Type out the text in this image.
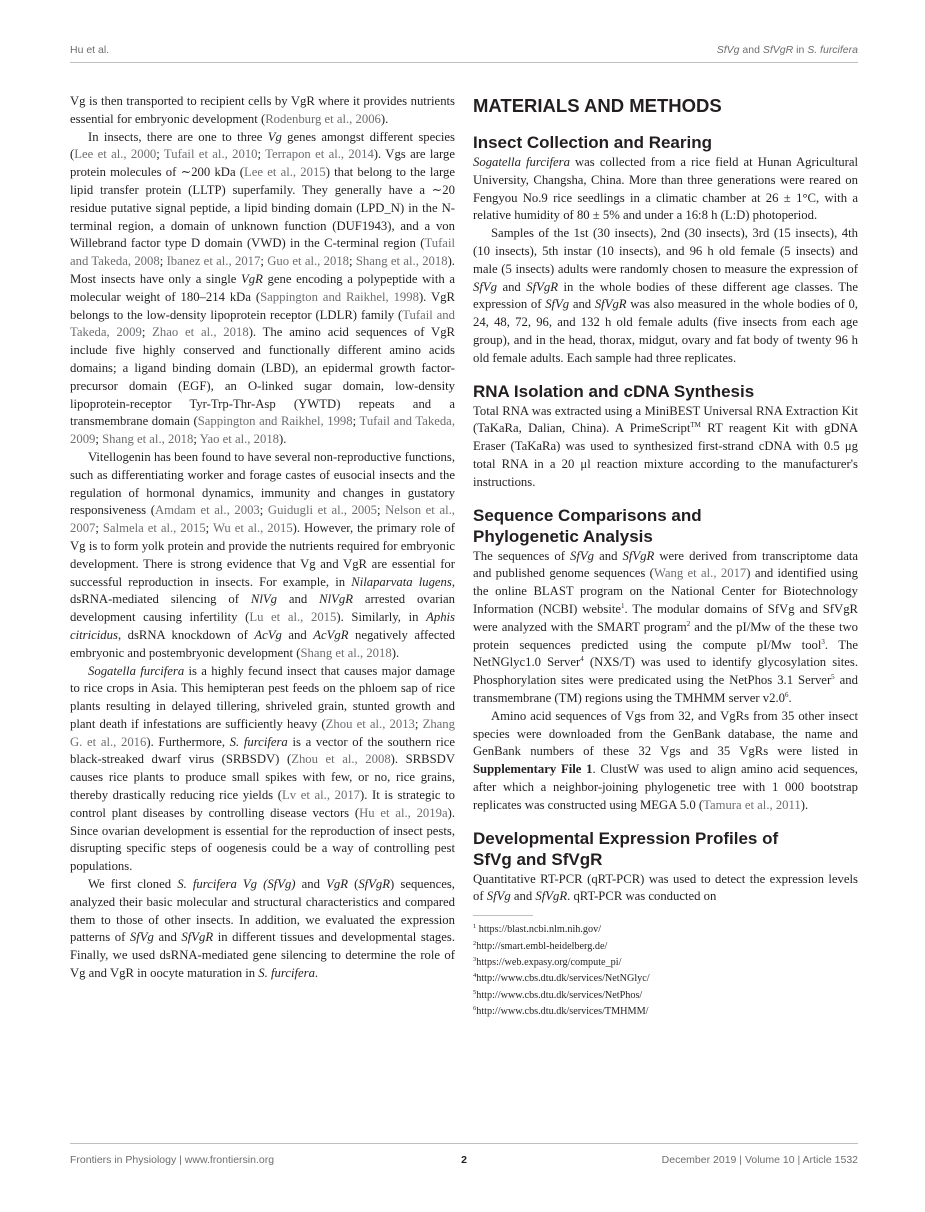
Hu et al.	SfVg and SfVgR in S. furcifera

Vg is then transported to recipient cells by VgR where it provides nutrients essential for embryonic development (Rodenburg et al., 2006).

In insects, there are one to three Vg genes amongst different species (Lee et al., 2000; Tufail et al., 2010; Terrapon et al., 2014). Vgs are large protein molecules of ∼200 kDa (Lee et al., 2015) that belong to the large lipid transfer protein (LLTP) superfamily. They generally have a ∼20 residue putative signal peptide, a lipid binding domain (LPD_N) in the N-terminal region, a domain of unknown function (DUF1943), and a von Willebrand factor type D domain (VWD) in the C-terminal region (Tufail and Takeda, 2008; Ibanez et al., 2017; Guo et al., 2018; Shang et al., 2018). Most insects have only a single VgR gene encoding a polypeptide with a molecular weight of 180–214 kDa (Sappington and Raikhel, 1998). VgR belongs to the low-density lipoprotein receptor (LDLR) family (Tufail and Takeda, 2009; Zhao et al., 2018). The amino acid sequences of VgR include five highly conserved and functionally different amino acids domains; a ligand binding domain (LBD), an epidermal growth factor-precursor domain (EGF), an O-linked sugar domain, low-density lipoprotein-receptor Tyr-Trp-Thr-Asp (YWTD) repeats and a transmembrane domain (Sappington and Raikhel, 1998; Tufail and Takeda, 2009; Shang et al., 2018; Yao et al., 2018).

Vitellogenin has been found to have several non-reproductive functions, such as differentiating worker and forage castes of eusocial insects and the regulation of hormonal dynamics, immunity and changes in gustatory responsiveness (Amdam et al., 2003; Guidugli et al., 2005; Nelson et al., 2007; Salmela et al., 2015; Wu et al., 2015). However, the primary role of Vg is to form yolk protein and provide the nutrients required for embryonic development. There is strong evidence that Vg and VgR are essential for successful reproduction in insects. For example, in Nilaparvata lugens, dsRNA-mediated silencing of NlVg and NlVgR arrested ovarian development causing infertility (Lu et al., 2015). Similarly, in Aphis citricidus, dsRNA knockdown of AcVg and AcVgR negatively affected embryonic and postembryonic development (Shang et al., 2018).

Sogatella furcifera is a highly fecund insect that causes major damage to rice crops in Asia. This hemipteran pest feeds on the phloem sap of rice plants resulting in delayed tillering, shriveled grain, stunted growth and plant death if infestations are sufficiently heavy (Zhou et al., 2013; Zhang G. et al., 2016). Furthermore, S. furcifera is a vector of the southern rice black-streaked dwarf virus (SRBSDV) (Zhou et al., 2008). SRBSDV causes rice plants to produce small spikes with few, or no, rice grains, thereby drastically reducing rice yields (Lv et al., 2017). It is strategic to control plant diseases by controlling disease vectors (Hu et al., 2019a). Since ovarian development is essential for the reproduction of insect pests, disrupting specific steps of oogenesis could be a way of controlling pest populations.

We first cloned S. furcifera Vg (SfVg) and VgR (SfVgR) sequences, analyzed their basic molecular and structural characteristics and compared them to those of other insects. In addition, we evaluated the expression patterns of SfVg and SfVgR in different tissues and developmental stages. Finally, we used dsRNA-mediated gene silencing to determine the role of Vg and VgR in oocyte maturation in S. furcifera.

MATERIALS AND METHODS
Insect Collection and Rearing

Sogatella furcifera was collected from a rice field at Hunan Agricultural University, Changsha, China. More than three generations were reared on Fengyou No.9 rice seedlings in a climatic chamber at 26 ± 1°C, with a relative humidity of 80 ± 5% and under a 16:8 h (L:D) photoperiod.

Samples of the 1st (30 insects), 2nd (30 insects), 3rd (15 insects), 4th (10 insects), 5th instar (10 insects), and 96 h old female (5 insects) and male (5 insects) adults were randomly chosen to measure the expression of SfVg and SfVgR in the whole bodies of these different age classes. The expression of SfVg and SfVgR was also measured in the whole bodies of 0, 24, 48, 72, 96, and 132 h old female adults (five insects from each age group), and in the head, thorax, midgut, ovary and fat body of twenty 96 h old female adults. Each sample had three replicates.

RNA Isolation and cDNA Synthesis

Total RNA was extracted using a MiniBEST Universal RNA Extraction Kit (TaKaRa, Dalian, China). A PrimeScript™ RT reagent Kit with gDNA Eraser (TaKaRa) was used to synthesized first-strand cDNA with 0.5 μg total RNA in a 20 μl reaction mixture according to the manufacturer's instructions.

Sequence Comparisons and
Phylogenetic Analysis

The sequences of SfVg and SfVgR were derived from transcriptome data and published genome sequences (Wang et al., 2017) and identified using the online BLAST program on the National Center for Biotechnology Information (NCBI) website$^1$. The modular domains of SfVg and SfVgR were analyzed with the SMART program$^2$ and the pI/Mw of the these two protein sequences predicted using the compute pI/Mw tool$^3$. The NetNGlyc1.0 Server$^4$ (NXS/T) was used to identify glycosylation sites. Phosphorylation sites were predicated using the NetPhos 3.1 Server$^5$ and transmembrane (TM) regions using the TMHMM server $v2.0^6$.

Amino acid sequences of Vgs from 32, and VgRs from 35 other insect species were downloaded from the GenBank database, the name and GenBank numbers of these 32 Vgs and 35 VgRs were listed in Supplementary File 1. ClustW was used to align amino acid sequences, after which a neighbor-joining phylogenetic tree with 1 000 bootstrap replicates was constructed using MEGA 5.0 (Tamura et al., 2011).

Developmental Expression Profiles of
SfVg and SfVgR

Quantitative RT-PCR (qRT-PCR) was used to detect the expression levels of SfVg and SfVgR. qRT-PCR was conducted on

$^1$ https://blast.ncbi.nlm.nih.gov/
$^2$http://smart.embl-heidelberg.de/
$^3$https://web.expasy.org/compute_pi/
$^4$http://www.cbs.dtu.dk/services/NetNGlyc/
$^5$http://www.cbs.dtu.dk/services/NetPhos/
$^6$http://www.cbs.dtu.dk/services/TMHMM/
Frontiers in Physiology | www.frontiersin.org	2	December 2019 | Volume 10 | Article 1532
